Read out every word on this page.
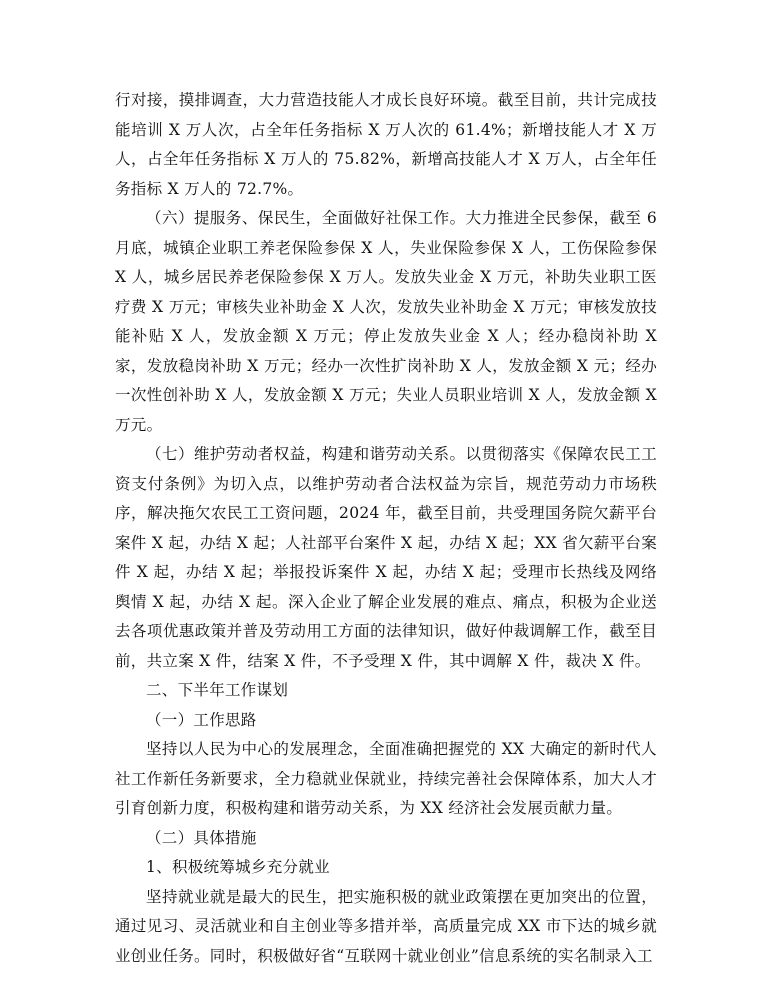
行对接，摸排调查，大力营造技能人才成长良好环境。截至目前，共计完成技能培训 X 万人次，占全年任务指标 X 万人次的 61.4%；新增技能人才 X 万人，占全年任务指标 X 万人的 75.82%，新增高技能人才 X 万人，占全年任务指标 X 万人的 72.7%。

（六）提服务、保民生，全面做好社保工作。大力推进全民参保，截至 6 月底，城镇企业职工养老保险参保 X 人，失业保险参保 X 人，工伤保险参保 X 人，城乡居民养老保险参保 X 万人。发放失业金 X 万元，补助失业职工医疗费 X 万元；审核失业补助金 X 人次，发放失业补助金 X 万元；审核发放技能补贴 X 人，发放金额 X 万元；停止发放失业金 X 人；经办稳岗补助 X 家，发放稳岗补助 X 万元；经办一次性扩岗补助 X 人，发放金额 X 元；经办一次性创补助 X 人，发放金额 X 万元；失业人员职业培训 X 人，发放金额 X 万元。

（七）维护劳动者权益，构建和谐劳动关系。以贯彻落实《保障农民工工资支付条例》为切入点，以维护劳动者合法权益为宗旨，规范劳动力市场秩序，解决拖欠农民工工资问题，2024 年，截至目前，共受理国务院欠薪平台案件 X 起，办结 X 起；人社部平台案件 X 起，办结 X 起；XX 省欠薪平台案件 X 起，办结 X 起；举报投诉案件 X 起，办结 X 起；受理市长热线及网络舆情 X 起，办结 X 起。深入企业了解企业发展的难点、痛点，积极为企业送去各项优惠政策并普及劳动用工方面的法律知识，做好仲裁调解工作，截至目前，共立案 X 件，结案 X 件，不予受理 X 件，其中调解 X 件，裁决 X 件。

二、下半年工作谋划

（一）工作思路

坚持以人民为中心的发展理念，全面准确把握党的 XX 大确定的新时代人社工作新任务新要求，全力稳就业保就业，持续完善社会保障体系，加大人才引育创新力度，积极构建和谐劳动关系，为 XX 经济社会发展贡献力量。

（二）具体措施

1、积极统筹城乡充分就业

坚持就业就是最大的民生，把实施积极的就业政策摆在更加突出的位置，通过见习、灵活就业和自主创业等多措并举，高质量完成 XX 市下达的城乡就业创业任务。同时，积极做好省“互联网十就业创业”信息系统的实名制录入工
